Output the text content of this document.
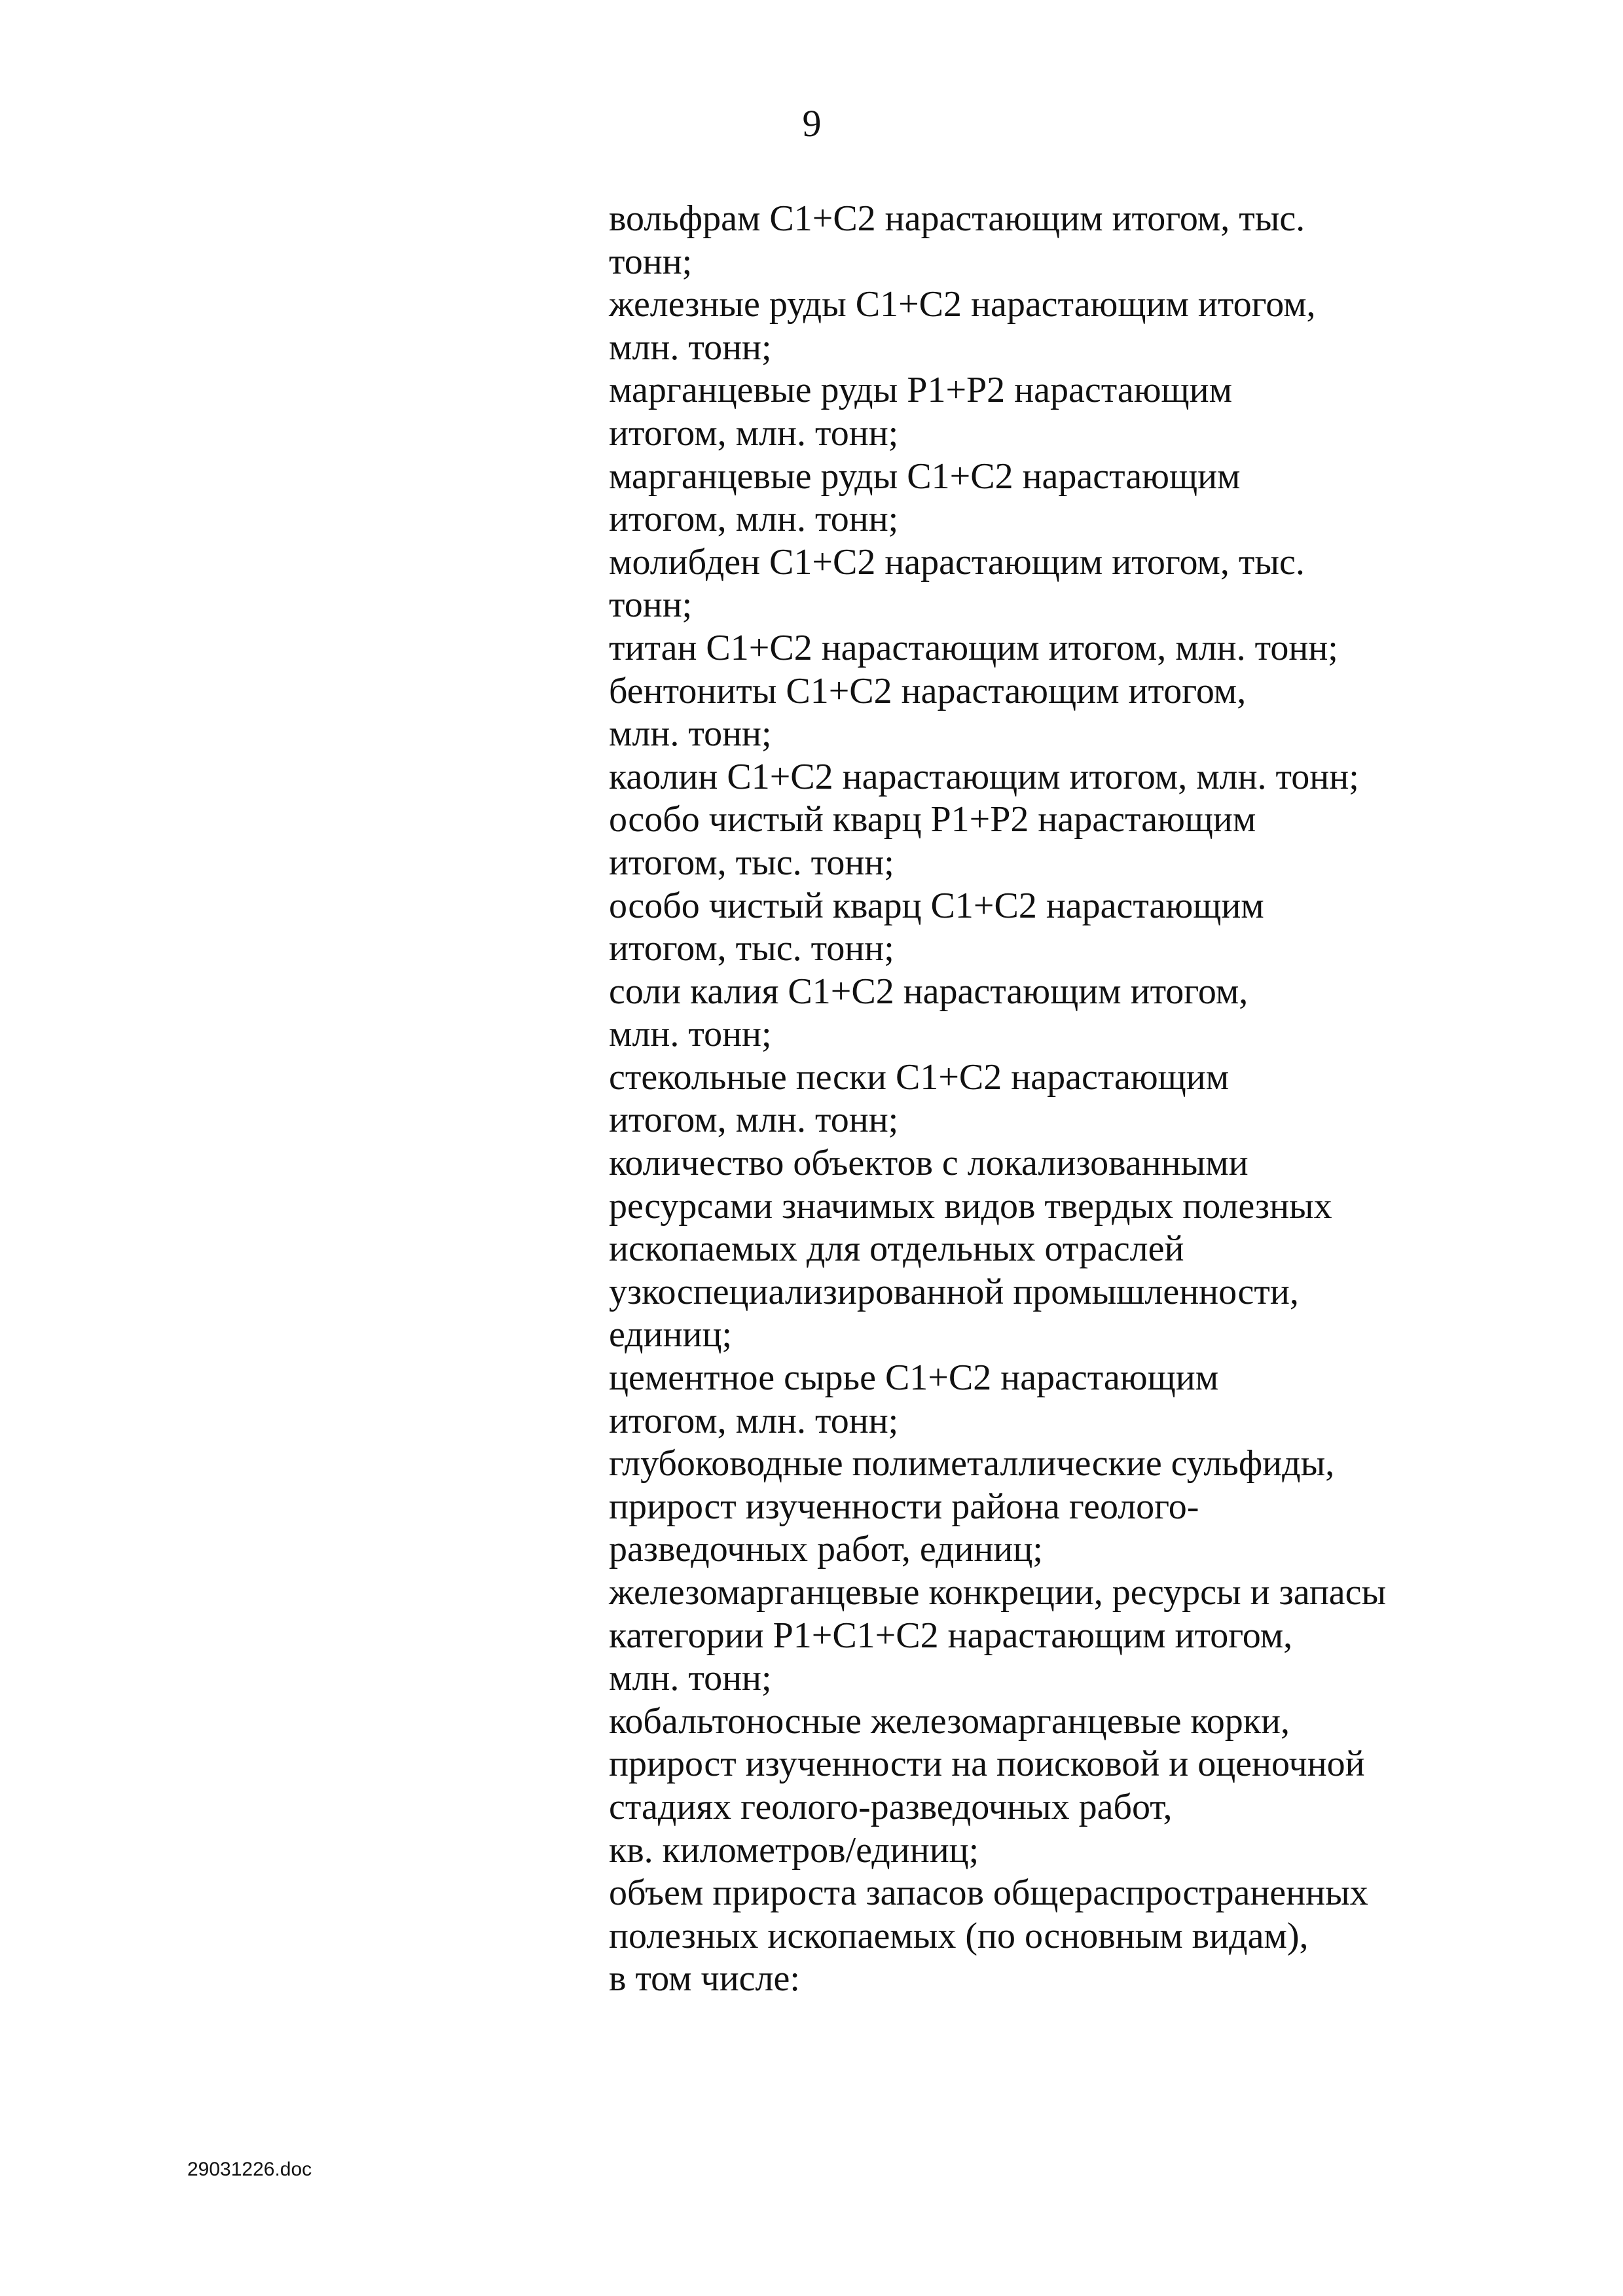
9
вольфрам С1+С2 нарастающим итогом, тыс.
тонн;
железные руды С1+С2 нарастающим итогом,
млн. тонн;
марганцевые руды Р1+Р2 нарастающим
итогом, млн. тонн;
марганцевые руды С1+С2 нарастающим
итогом, млн. тонн;
молибден С1+С2 нарастающим итогом, тыс.
тонн;
титан С1+С2 нарастающим итогом, млн. тонн;
бентониты С1+С2 нарастающим итогом,
млн. тонн;
каолин С1+С2 нарастающим итогом, млн. тонн;
особо чистый кварц Р1+Р2 нарастающим
итогом, тыс. тонн;
особо чистый кварц С1+С2 нарастающим
итогом, тыс. тонн;
соли калия С1+С2 нарастающим итогом,
млн. тонн;
стекольные пески С1+С2 нарастающим
итогом, млн. тонн;
количество объектов с локализованными
ресурсами значимых видов твердых полезных
ископаемых для отдельных отраслей
узкоспециализированной промышленности,
единиц;
цементное сырье С1+С2 нарастающим
итогом, млн. тонн;
глубоководные полиметаллические сульфиды,
прирост изученности района геолого-
разведочных работ, единиц;
железомарганцевые конкреции, ресурсы и запасы
категории Р1+С1+С2 нарастающим итогом,
млн. тонн;
кобальтоносные железомарганцевые корки,
прирост изученности на поисковой и оценочной
стадиях геолого-разведочных работ,
кв. километров/единиц;
объем прироста запасов общераспространенных
полезных ископаемых (по основным видам),
в том числе:
29031226.doc
